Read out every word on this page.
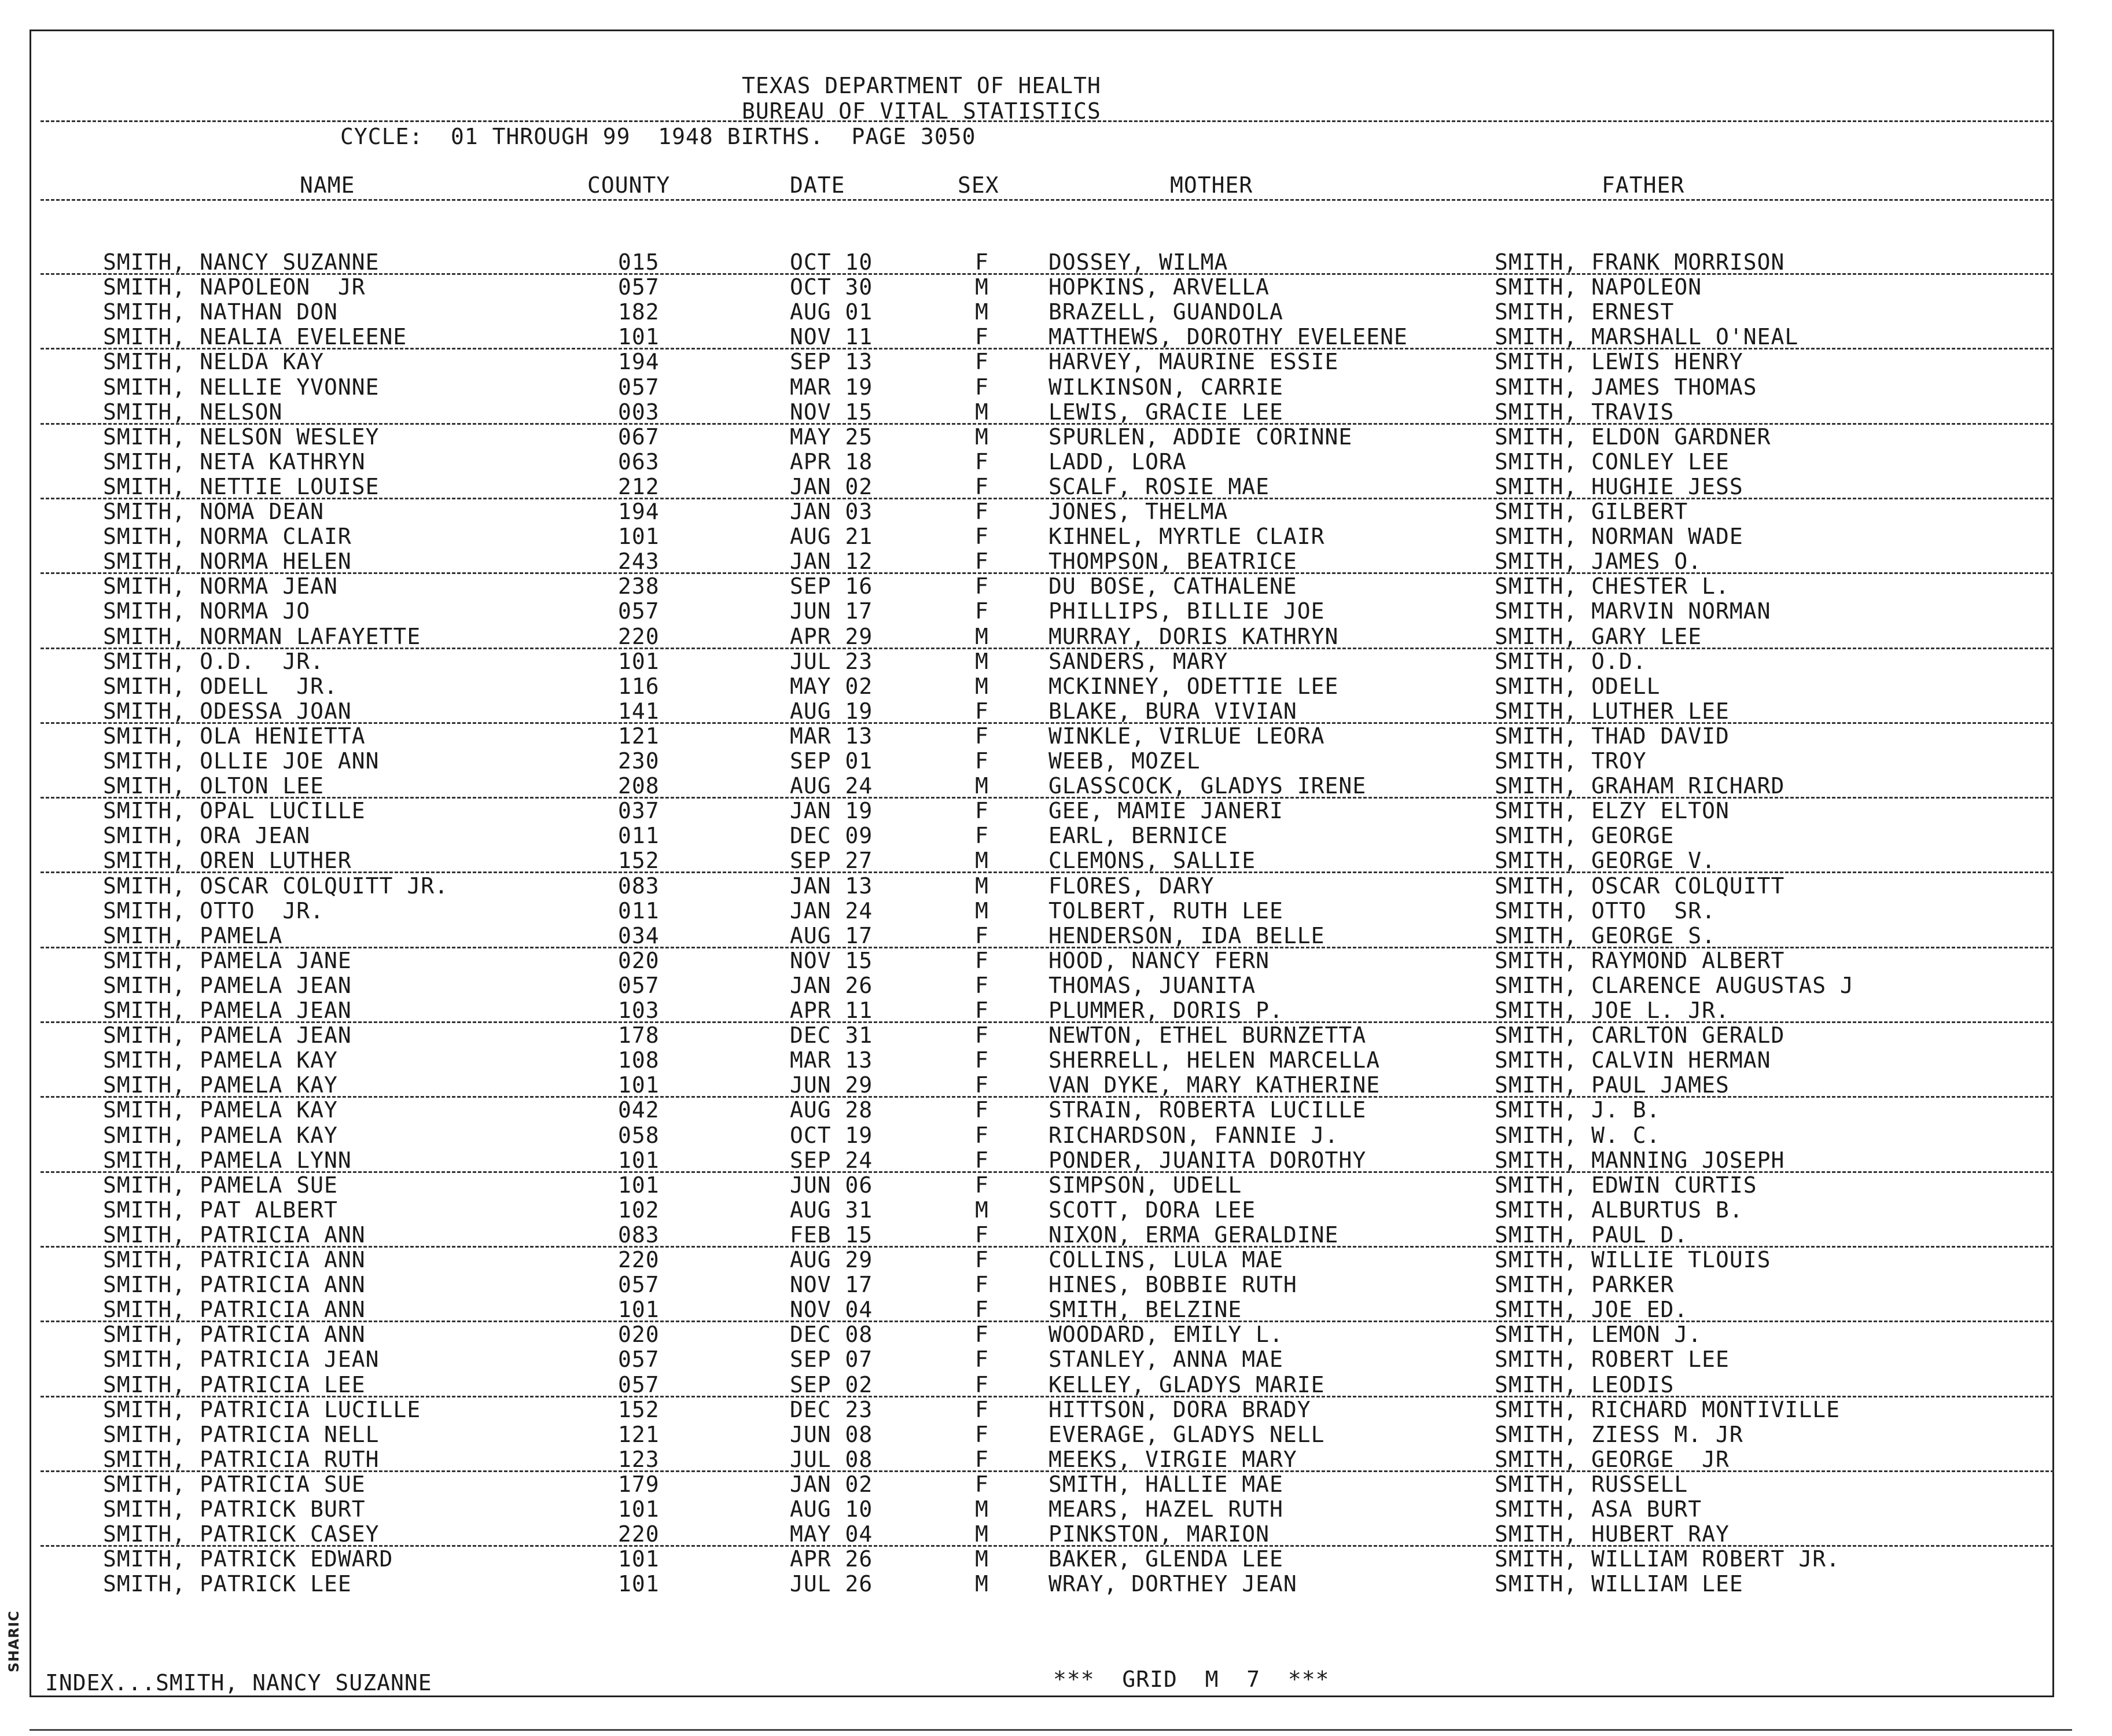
SHARIC
TEXAS DEPARTMENT OF HEALTH
BUREAU OF VITAL STATISTICS
CYCLE: 01 THROUGH 99 1948 BIRTHS. PAGE 3050
NAME	COUNTY	DATE	SEX	MOTHER	FATHER
SMITH, NANCY SUZANNE	015	OCT 10	F	DOSSEY, WILMA	SMITH, FRANK MORRISON
SMITH, NAPOLEON  JR	057	OCT 30	M	HOPKINS, ARVELLA	SMITH, NAPOLEON
SMITH, NATHAN DON	182	AUG 01	M	BRAZELL, GUANDOLA	SMITH, ERNEST
SMITH, NEALIA EVELEENE	101	NOV 11	F	MATTHEWS, DOROTHY EVELEENE	SMITH, MARSHALL O'NEAL
SMITH, NELDA KAY	194	SEP 13	F	HARVEY, MAURINE ESSIE	SMITH, LEWIS HENRY
SMITH, NELLIE YVONNE	057	MAR 19	F	WILKINSON, CARRIE	SMITH, JAMES THOMAS
SMITH, NELSON	003	NOV 15	M	LEWIS, GRACIE LEE	SMITH, TRAVIS
SMITH, NELSON WESLEY	067	MAY 25	M	SPURLEN, ADDIE CORINNE	SMITH, ELDON GARDNER
SMITH, NETA KATHRYN	063	APR 18	F	LADD, LORA	SMITH, CONLEY LEE
SMITH, NETTIE LOUISE	212	JAN 02	F	SCALF, ROSIE MAE	SMITH, HUGHIE JESS
SMITH, NOMA DEAN	194	JAN 03	F	JONES, THELMA	SMITH, GILBERT
SMITH, NORMA CLAIR	101	AUG 21	F	KIHNEL, MYRTLE CLAIR	SMITH, NORMAN WADE
SMITH, NORMA HELEN	243	JAN 12	F	THOMPSON, BEATRICE	SMITH, JAMES O.
SMITH, NORMA JEAN	238	SEP 16	F	DU BOSE, CATHALENE	SMITH, CHESTER L.
SMITH, NORMA JO	057	JUN 17	F	PHILLIPS, BILLIE JOE	SMITH, MARVIN NORMAN
SMITH, NORMAN LAFAYETTE	220	APR 29	M	MURRAY, DORIS KATHRYN	SMITH, GARY LEE
SMITH, O.D.  JR.	101	JUL 23	M	SANDERS, MARY	SMITH, O.D.
SMITH, ODELL  JR.	116	MAY 02	M	MCKINNEY, ODETTIE LEE	SMITH, ODELL
SMITH, ODESSA JOAN	141	AUG 19	F	BLAKE, BURA VIVIAN	SMITH, LUTHER LEE
SMITH, OLA HENIETTA	121	MAR 13	F	WINKLE, VIRLUE LEORA	SMITH, THAD DAVID
SMITH, OLLIE JOE ANN	230	SEP 01	F	WEEB, MOZEL	SMITH, TROY
SMITH, OLTON LEE	208	AUG 24	M	GLASSCOCK, GLADYS IRENE	SMITH, GRAHAM RICHARD
SMITH, OPAL LUCILLE	037	JAN 19	F	GEE, MAMIE JANERI	SMITH, ELZY ELTON
SMITH, ORA JEAN	011	DEC 09	F	EARL, BERNICE	SMITH, GEORGE
SMITH, OREN LUTHER	152	SEP 27	M	CLEMONS, SALLIE	SMITH, GEORGE V.
SMITH, OSCAR COLQUITT JR.	083	JAN 13	M	FLORES, DARY	SMITH, OSCAR COLQUITT
SMITH, OTTO  JR.	011	JAN 24	M	TOLBERT, RUTH LEE	SMITH, OTTO  SR.
SMITH, PAMELA	034	AUG 17	F	HENDERSON, IDA BELLE	SMITH, GEORGE S.
SMITH, PAMELA JANE	020	NOV 15	F	HOOD, NANCY FERN	SMITH, RAYMOND ALBERT
SMITH, PAMELA JEAN	057	JAN 26	F	THOMAS, JUANITA	SMITH, CLARENCE AUGUSTAS J
SMITH, PAMELA JEAN	103	APR 11	F	PLUMMER, DORIS P.	SMITH, JOE L. JR.
SMITH, PAMELA JEAN	178	DEC 31	F	NEWTON, ETHEL BURNZETTA	SMITH, CARLTON GERALD
SMITH, PAMELA KAY	108	MAR 13	F	SHERRELL, HELEN MARCELLA	SMITH, CALVIN HERMAN
SMITH, PAMELA KAY	101	JUN 29	F	VAN DYKE, MARY KATHERINE	SMITH, PAUL JAMES
SMITH, PAMELA KAY	042	AUG 28	F	STRAIN, ROBERTA LUCILLE	SMITH, J. B.
SMITH, PAMELA KAY	058	OCT 19	F	RICHARDSON, FANNIE J.	SMITH, W. C.
SMITH, PAMELA LYNN	101	SEP 24	F	PONDER, JUANITA DOROTHY	SMITH, MANNING JOSEPH
SMITH, PAMELA SUE	101	JUN 06	F	SIMPSON, UDELL	SMITH, EDWIN CURTIS
SMITH, PAT ALBERT	102	AUG 31	M	SCOTT, DORA LEE	SMITH, ALBURTUS B.
SMITH, PATRICIA ANN	083	FEB 15	F	NIXON, ERMA GERALDINE	SMITH, PAUL D.
SMITH, PATRICIA ANN	220	AUG 29	F	COLLINS, LULA MAE	SMITH, WILLIE TLOUIS
SMITH, PATRICIA ANN	057	NOV 17	F	HINES, BOBBIE RUTH	SMITH, PARKER
SMITH, PATRICIA ANN	101	NOV 04	F	SMITH, BELZINE	SMITH, JOE ED.
SMITH, PATRICIA ANN	020	DEC 08	F	WOODARD, EMILY L.	SMITH, LEMON J.
SMITH, PATRICIA JEAN	057	SEP 07	F	STANLEY, ANNA MAE	SMITH, ROBERT LEE
SMITH, PATRICIA LEE	057	SEP 02	F	KELLEY, GLADYS MARIE	SMITH, LEODIS
SMITH, PATRICIA LUCILLE	152	DEC 23	F	HITTSON, DORA BRADY	SMITH, RICHARD MONTIVILLE
SMITH, PATRICIA NELL	121	JUN 08	F	EVERAGE, GLADYS NELL	SMITH, ZIESS M. JR
SMITH, PATRICIA RUTH	123	JUL 08	F	MEEKS, VIRGIE MARY	SMITH, GEORGE  JR
SMITH, PATRICIA SUE	179	JAN 02	F	SMITH, HALLIE MAE	SMITH, RUSSELL
SMITH, PATRICK BURT	101	AUG 10	M	MEARS, HAZEL RUTH	SMITH, ASA BURT
SMITH, PATRICK CASEY	220	MAY 04	M	PINKSTON, MARION	SMITH, HUBERT RAY
SMITH, PATRICK EDWARD	101	APR 26	M	BAKER, GLENDA LEE	SMITH, WILLIAM ROBERT JR.
SMITH, PATRICK LEE	101	JUL 26	M	WRAY, DORTHEY JEAN	SMITH, WILLIAM LEE
INDEX...SMITH, NANCY SUZANNE	***  GRID  M  7  ***
